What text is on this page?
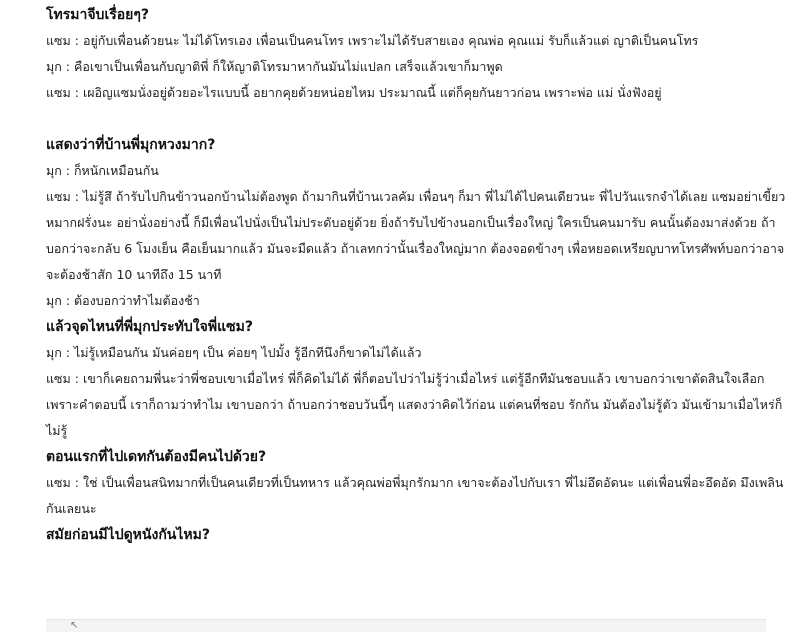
โทรมาจีบเรื่อยๆ?
แซม : อยู่กับเพื่อนด้วยนะ ไม่ได้โทรเอง เพื่อนเป็นคนโทร เพราะไม่ได้รับสายเอง คุณพ่อ คุณแม่ รับก็แล้วแต่ ญาติเป็นคนโทร
มุก : คือเขาเป็นเพื่อนกับญาติพี่ ก็ให้ญาติโทรมาหากันมันไม่แปลก เสร็จแล้วเขาก็มาพูด
แซม : เผอิญแซมนั่งอยู่ด้วยอะไรแบบนี้ อยากคุยด้วยหน่อยไหม ประมาณนี้ แต่ก็คุยกันยาวก่อน เพราะพ่อ แม่ นั่งฟังอยู่
แสดงว่าที่บ้านพี่มุกหวงมาก?
มุก : ก็หนักเหมือนกัน
แซม : ไม่รู้สึ ถ้ารับไปกินข้าวนอกบ้านไม่ต้องพูด ถ้ามากินที่บ้านเวลคัม เพื่อนๆ ก็มา พี่ไม่ได้ไปคนเดียวนะ พี่ไปวันแรกจำได้เลย แซมอย่าเขี้ยวหมากฝรั่งนะ อย่านั่งอย่างนี้ ก็มีเพื่อนไปนั่งเป็นไม่ประดับอยู่ด้วย ยิ่งถ้ารับไปข้างนอกเป็นเรื่องใหญ่ ใครเป็นคนมารับ คนนั้นต้องมาส่งด้วย ถ้าบอกว่าจะกลับ 6 โมงเย็น คือเย็นมากแล้ว มันจะมืดแล้ว ถ้าเลทกว่านั้นเรื่องใหญ่มาก ต้องจอดข้างๆ เพื่อหยอดเหรียญบาทโทรศัพท์บอกว่าอาจจะต้องช้าสัก 10 นาทีถึง 15 นาที
มุก : ต้องบอกว่าทำไมต้องช้า
แล้วจุดไหนที่พี่มุกประทับใจพี่แซม?
มุก : ไม่รู้เหมือนกัน มันค่อยๆ เป็น ค่อยๆ ไปมั้ง รู้อีกทีนึงก็ขาดไม่ได้แล้ว
แซม : เขาก็เคยถามพี่นะว่าพี่ชอบเขาเมื่อไหร่ พี่ก็คิดไม่ได้ พี่ก็ตอบไปว่าไม่รู้ว่าเมื่อไหร่ แต่รู้อีกทีมันชอบแล้ว เขาบอกว่าเขาตัดสินใจเลือกเพราะคำตอบนี้ เราก็ถามว่าทำไม เขาบอกว่า ถ้าบอกว่าชอบวันนี้ๆ แสดงว่าคิดไว้ก่อน แต่คนที่ชอบ รักกัน มันต้องไม่รู้ตัว มันเข้ามาเมื่อไหร่ก็ไม่รู้
ตอนแรกที่ไปเดทกันต้องมีคนไปด้วย?
แซม : ใช่ เป็นเพื่อนสนิทมากที่เป็นคนเดียวที่เป็นทหาร แล้วคุณพ่อพี่มุกรักมาก เขาจะต้องไปกับเรา พี่ไม่อึดอัดนะ แต่เพื่อนพี่อะอึดอัด มึงเพลินกันเลยนะ
สมัยก่อนมีไปดูหนังกันไหม?
↖
